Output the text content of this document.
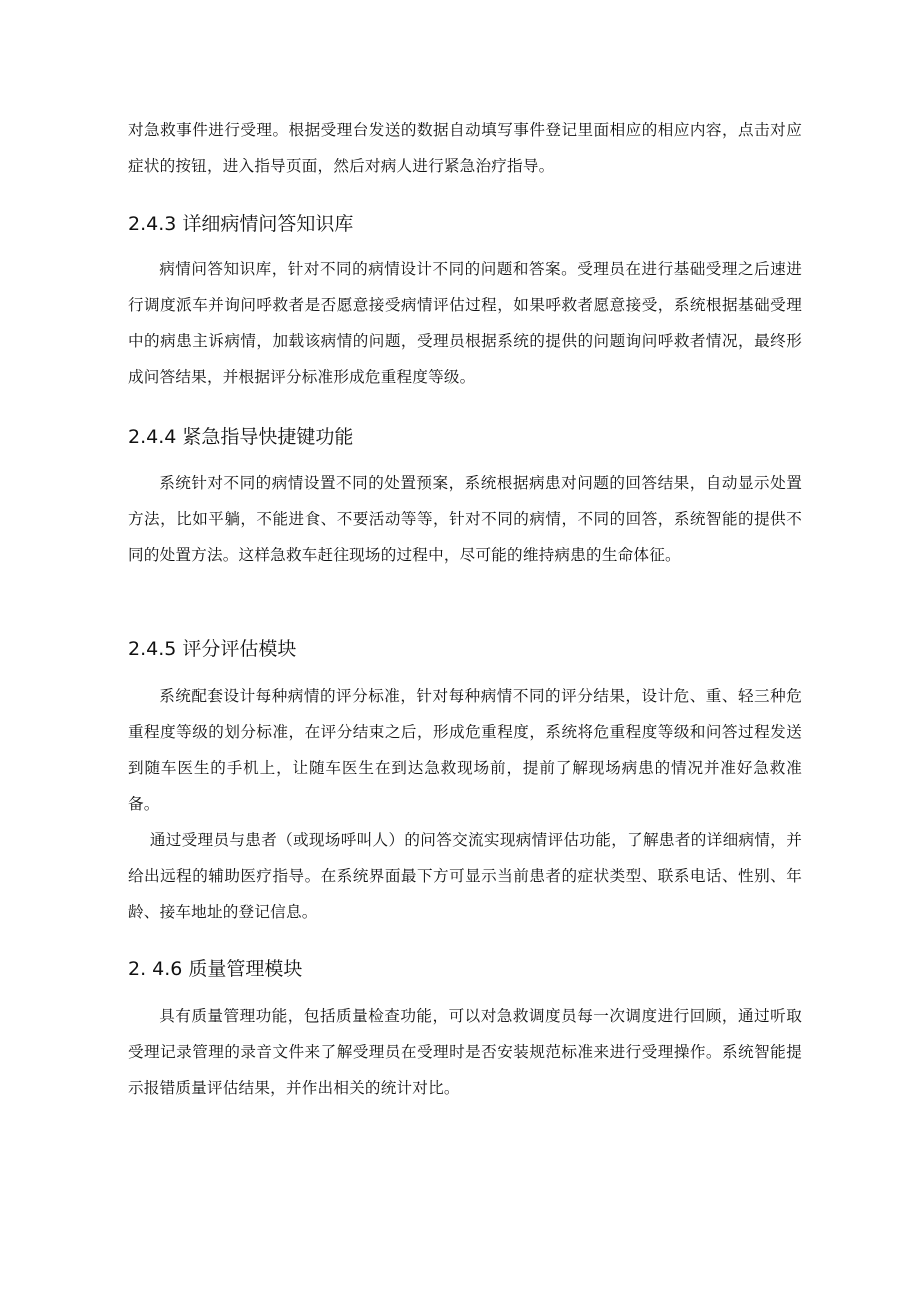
对急救事件进行受理。根据受理台发送的数据自动填写事件登记里面相应的相应内容，点击对应症状的按钮，进入指导页面，然后对病人进行紧急治疗指导。

2.4.3 详细病情问答知识库

病情问答知识库，针对不同的病情设计不同的问题和答案。受理员在进行基础受理之后速进行调度派车并询问呼救者是否愿意接受病情评估过程，如果呼救者愿意接受，系统根据基础受理中的病患主诉病情，加载该病情的问题，受理员根据系统的提供的问题询问呼救者情况，最终形成问答结果，并根据评分标准形成危重程度等级。

2.4.4 紧急指导快捷键功能

系统针对不同的病情设置不同的处置预案，系统根据病患对问题的回答结果，自动显示处置方法，比如平躺，不能进食、不要活动等等，针对不同的病情，不同的回答，系统智能的提供不同的处置方法。这样急救车赶往现场的过程中，尽可能的维持病患的生命体征。

2.4.5 评分评估模块

系统配套设计每种病情的评分标准，针对每种病情不同的评分结果，设计危、重、轻三种危重程度等级的划分标准，在评分结束之后，形成危重程度，系统将危重程度等级和问答过程发送到随车医生的手机上，让随车医生在到达急救现场前，提前了解现场病患的情况并准好急救准备。

通过受理员与患者（或现场呼叫人）的问答交流实现病情评估功能，了解患者的详细病情，并给出远程的辅助医疗指导。在系统界面最下方可显示当前患者的症状类型、联系电话、性别、年龄、接车地址的登记信息。

2. 4.6 质量管理模块

具有质量管理功能，包括质量检查功能，可以对急救调度员每一次调度进行回顾，通过听取受理记录管理的录音文件来了解受理员在受理时是否安装规范标准来进行受理操作。系统智能提示报错质量评估结果，并作出相关的统计对比。
